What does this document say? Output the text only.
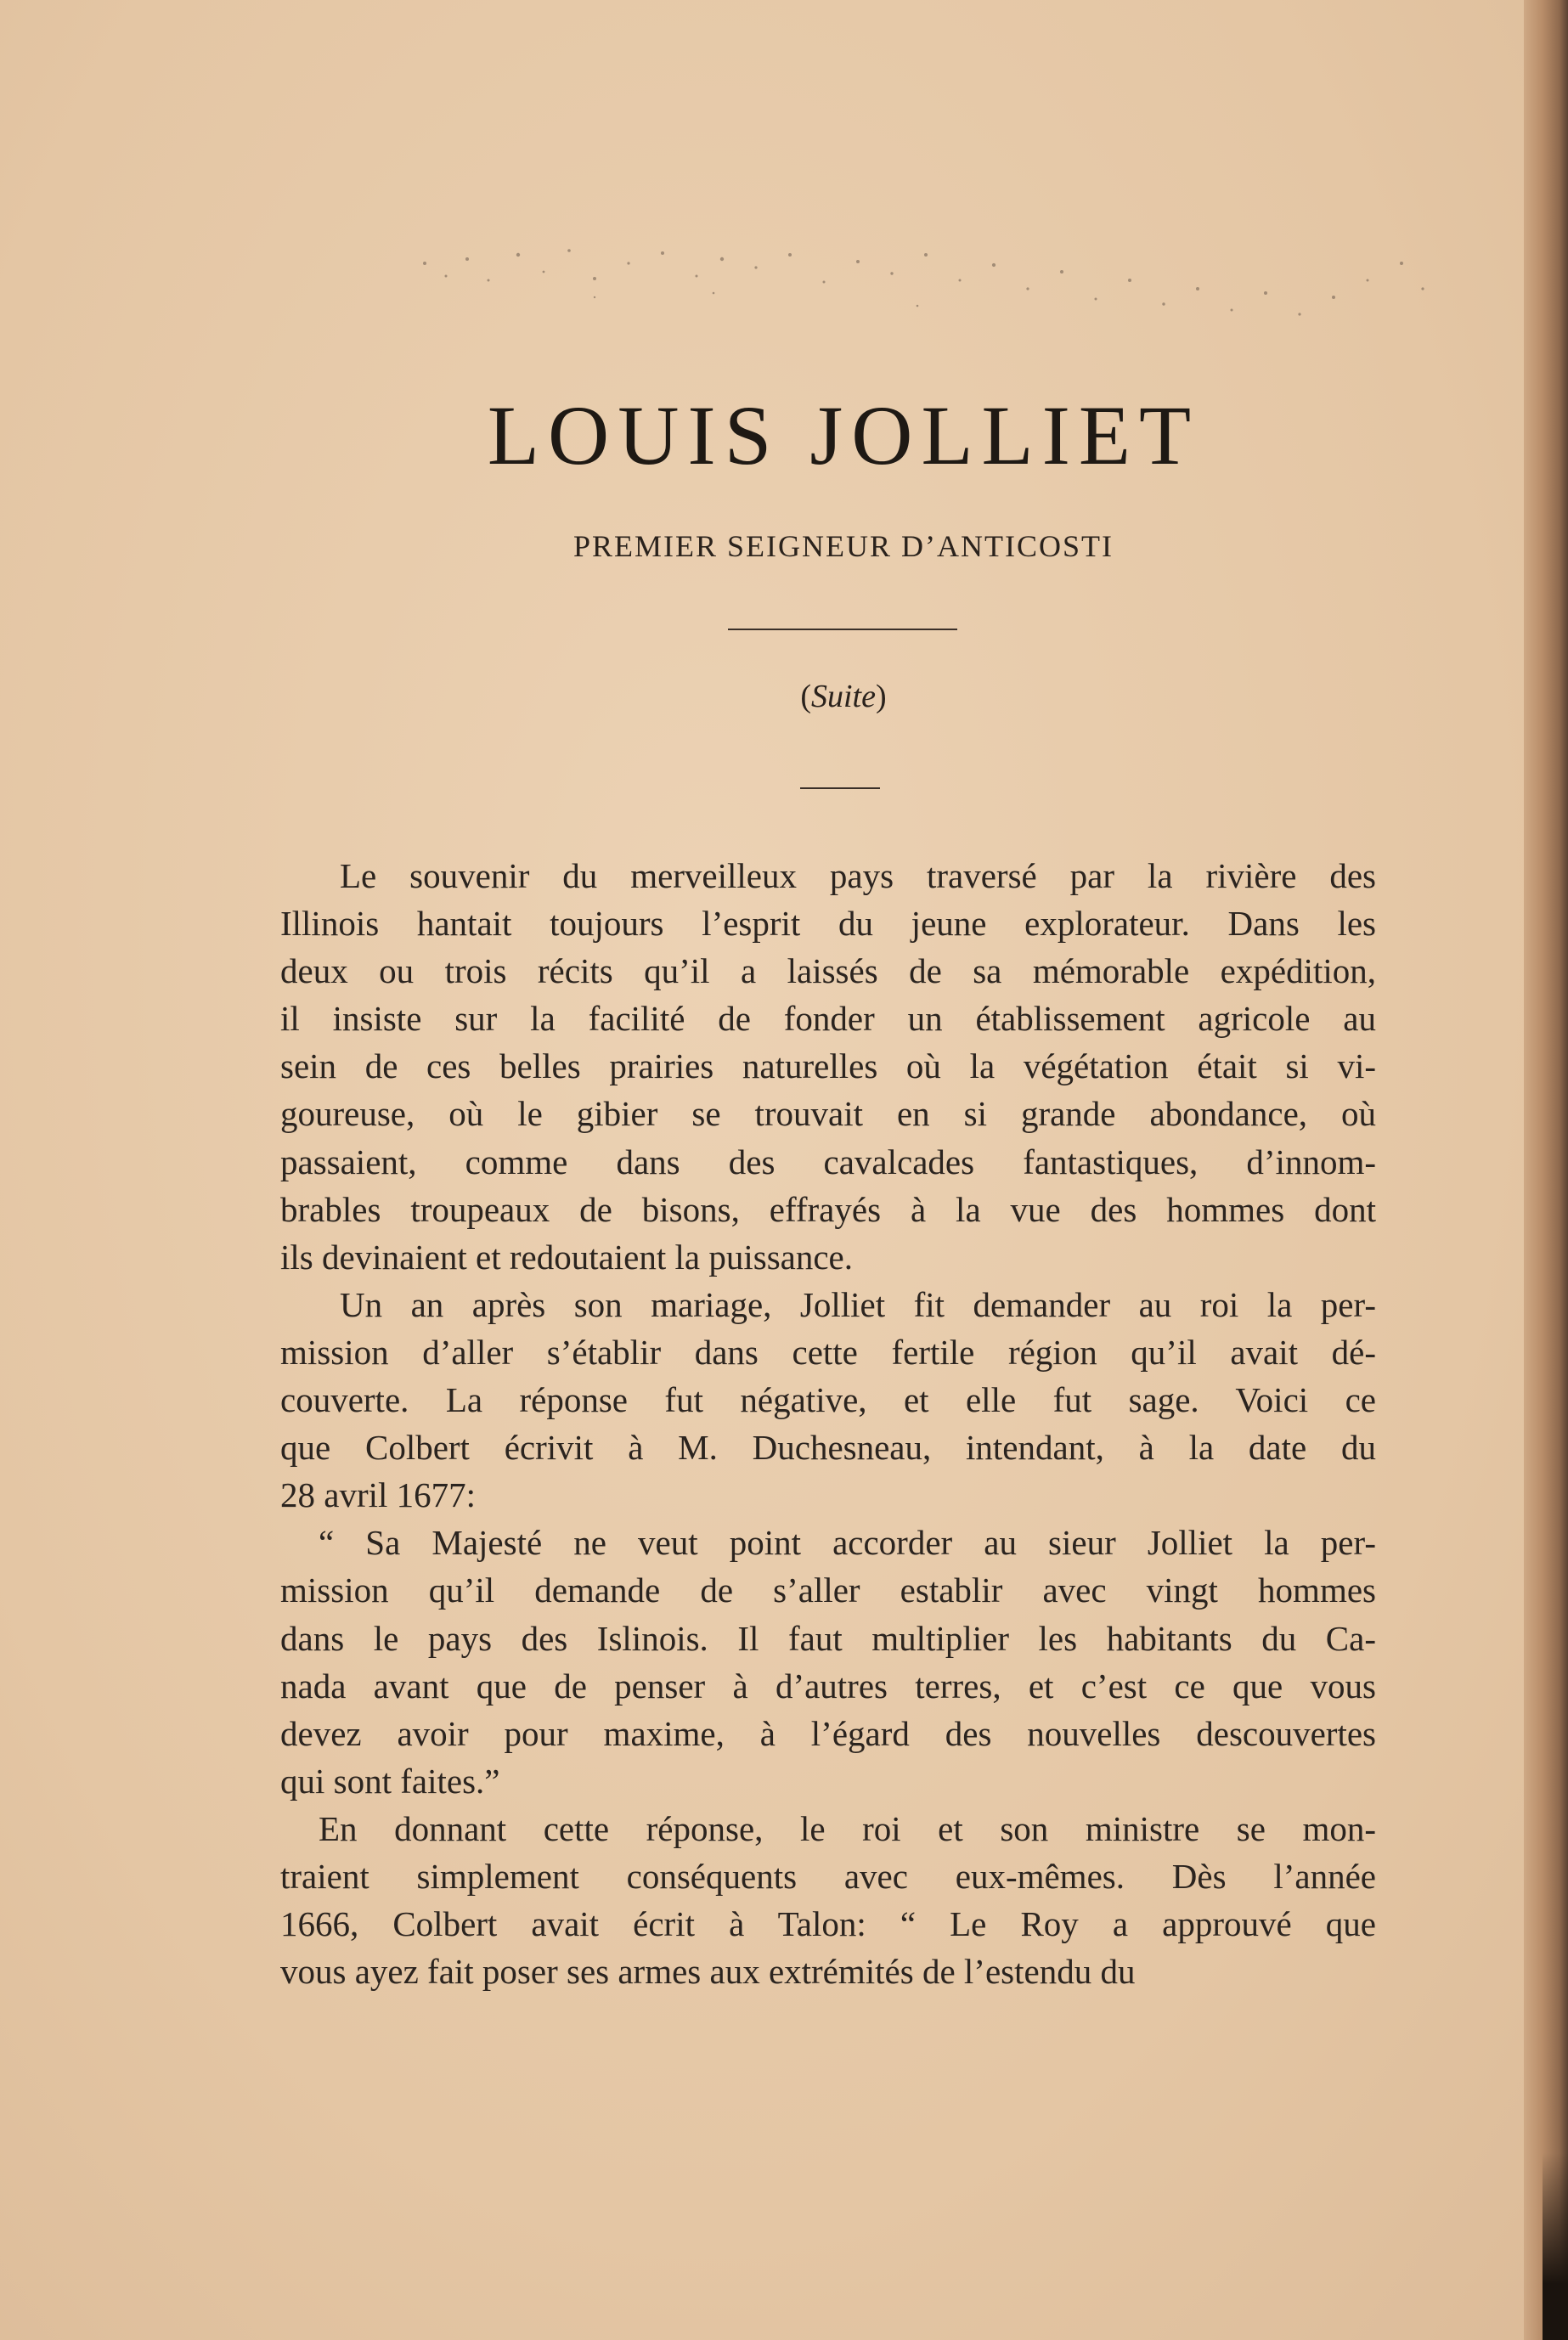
LOUIS JOLLIET
PREMIER SEIGNEUR D’ANTICOSTI
(Suite)
Le souvenir du merveilleux pays traversé par la rivière des
Illinois hantait toujours l’esprit du jeune explorateur. Dans les
deux ou trois récits qu’il a laissés de sa mémorable expédition,
il insiste sur la facilité de fonder un établissement agricole au
sein de ces belles prairies naturelles où la végétation était si vi-
goureuse, où le gibier se trouvait en si grande abondance, où
passaient, comme dans des cavalcades fantastiques, d’innom-
brables troupeaux de bisons, effrayés à la vue des hommes dont
ils devinaient et redoutaient la puissance.
Un an après son mariage, Jolliet fit demander au roi la per-
mission d’aller s’établir dans cette fertile région qu’il avait dé-
couverte. La réponse fut négative, et elle fut sage. Voici ce
que Colbert écrivit à M. Duchesneau, intendant, à la date du
28 avril 1677:
“ Sa Majesté ne veut point accorder au sieur Jolliet la per-
mission qu’il demande de s’aller establir avec vingt hommes
dans le pays des Islinois. Il faut multiplier les habitants du Ca-
nada avant que de penser à d’autres terres, et c’est ce que vous
devez avoir pour maxime, à l’égard des nouvelles descouvertes
qui sont faites.”
En donnant cette réponse, le roi et son ministre se mon-
traient simplement conséquents avec eux-mêmes. Dès l’année
1666, Colbert avait écrit à Talon: “ Le Roy a approuvé que
vous ayez fait poser ses armes aux extrémités de l’estendu du
